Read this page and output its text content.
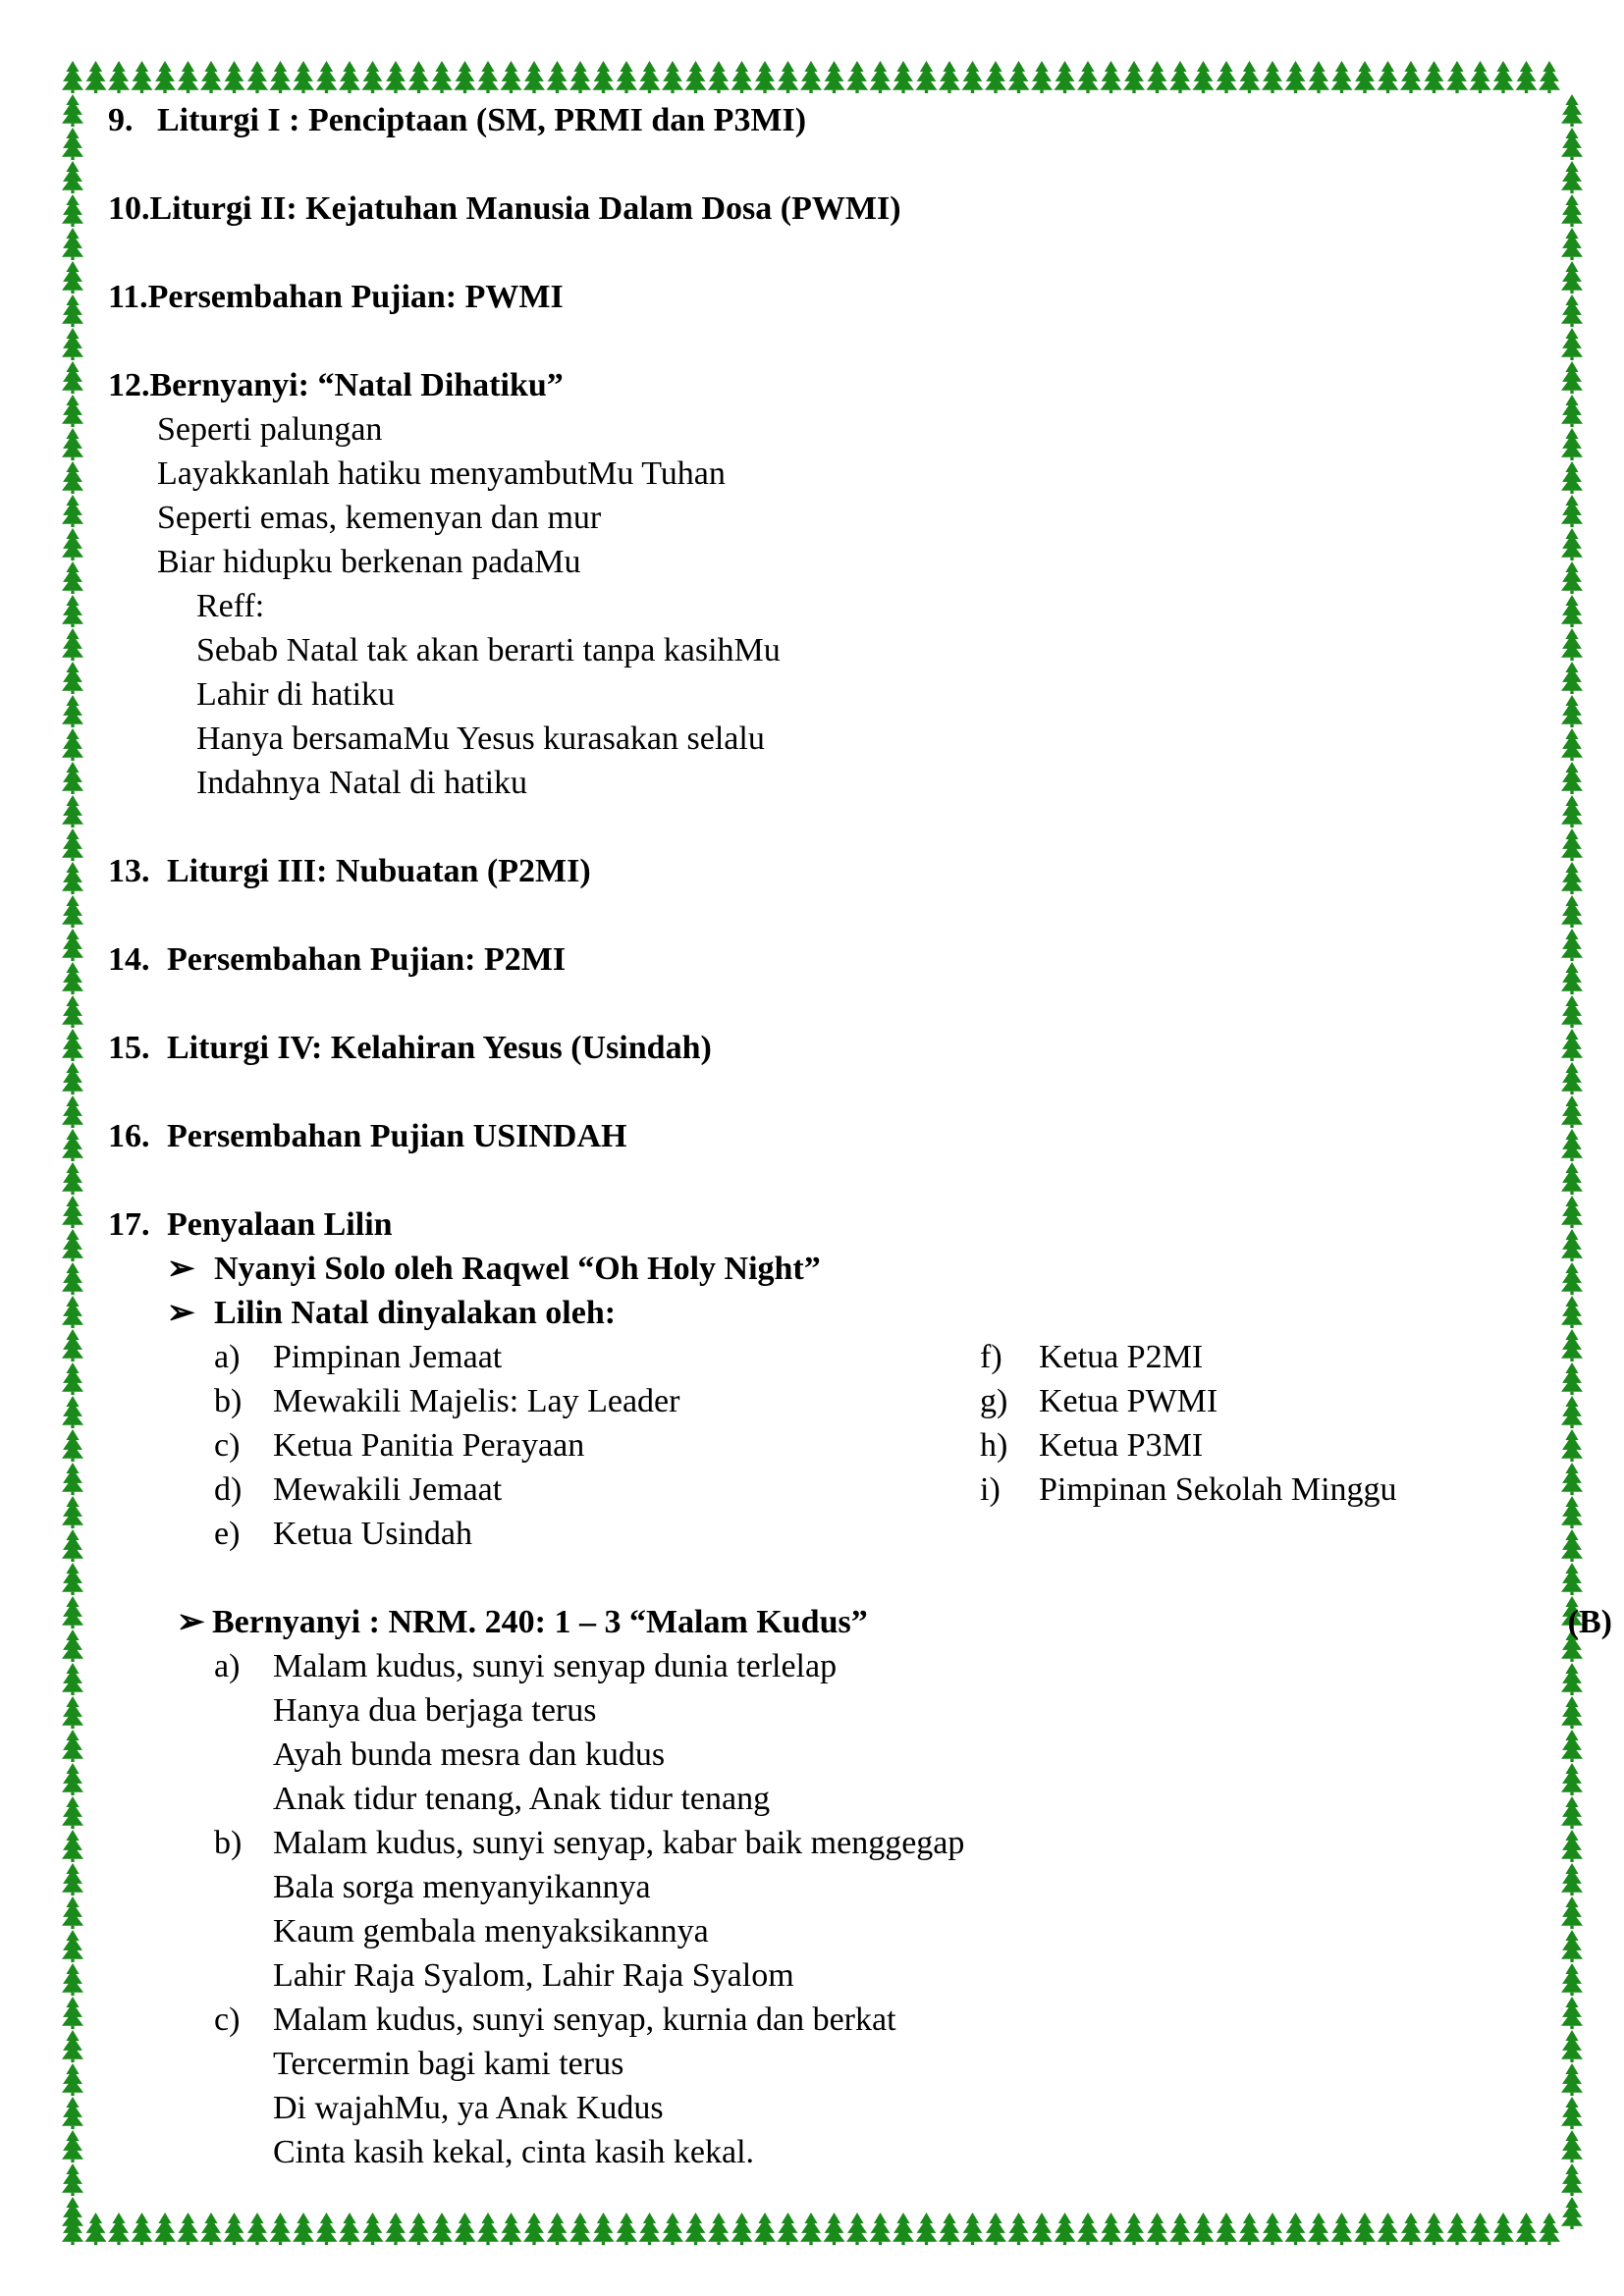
9. Liturgi I : Penciptaan (SM, PRMI dan P3MI)
10.Liturgi II: Kejatuhan Manusia Dalam Dosa (PWMI)
11.Persembahan Pujian: PWMI
12.Bernyanyi: “Natal Dihatiku”
Seperti palungan
Layakkanlah hatiku menyambutMu Tuhan
Seperti emas, kemenyan dan mur
Biar hidupku berkenan padaMu
Reff:
Sebab Natal tak akan berarti tanpa kasihMu
Lahir di hatiku
Hanya bersamaMu Yesus kurasakan selalu
Indahnya Natal di hatiku
13. Liturgi III: Nubuatan (P2MI)
14. Persembahan Pujian: P2MI
15. Liturgi IV: Kelahiran Yesus (Usindah)
16. Persembahan Pujian USINDAH
17. Penyalaan Lilin
➢ Nyanyi Solo oleh Raqwel “Oh Holy Night”
➢ Lilin Natal dinyalakan oleh:
a) Pimpinan Jemaat
b) Mewakili Majelis: Lay Leader
c) Ketua Panitia Perayaan
d) Mewakili Jemaat
e) Ketua Usindah
f)	Ketua P2MI
g) Ketua PWMI
h) Ketua P3MI
i)	Pimpinan Sekolah Minggu
➢ Bernyanyi : NRM. 240: 1 – 3 “Malam Kudus”	(B)
a) Malam kudus, sunyi senyap dunia terlelap
Hanya dua berjaga terus
Ayah bunda mesra dan kudus
Anak tidur tenang, Anak tidur tenang
b) Malam kudus, sunyi senyap, kabar baik menggegap
Bala sorga menyanyikannya
Kaum gembala menyaksikannya
Lahir Raja Syalom, Lahir Raja Syalom
c) Malam kudus, sunyi senyap, kurnia dan berkat
Tercermin bagi kami terus
Di wajahMu, ya Anak Kudus
Cinta kasih kekal, cinta kasih kekal.
